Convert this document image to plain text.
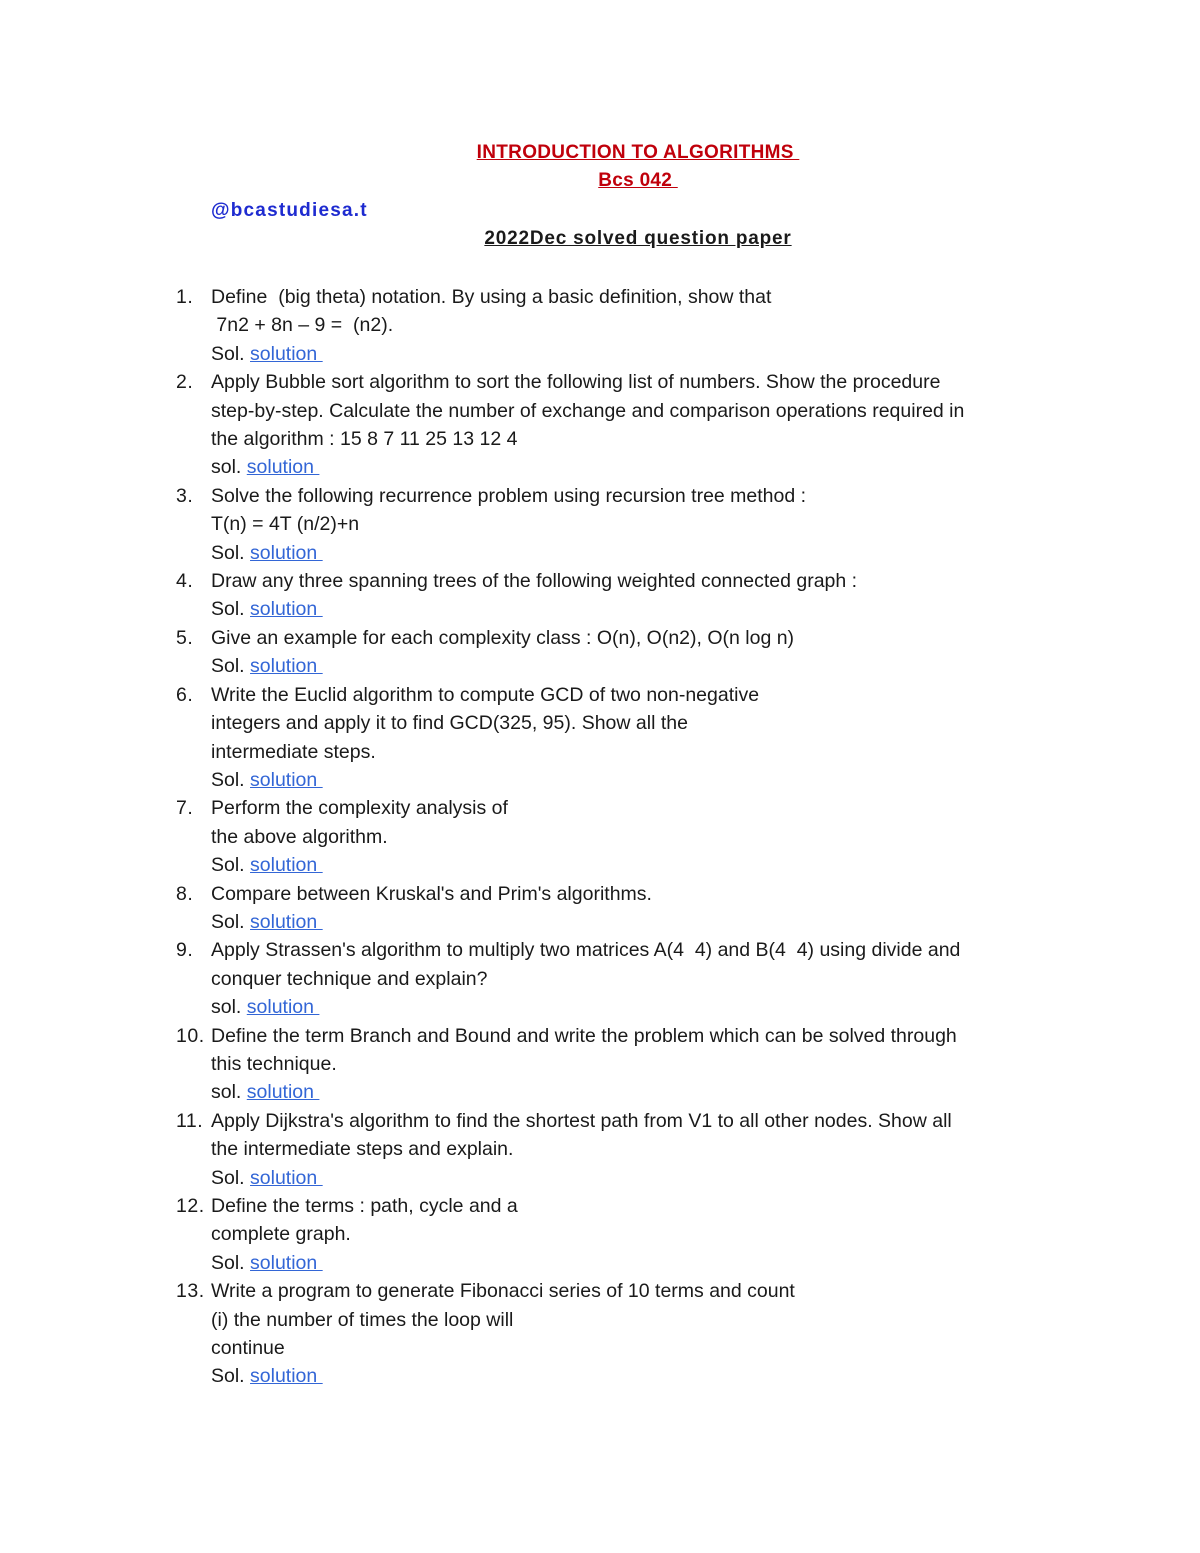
INTRODUCTION TO ALGORITHMS
Bcs 042
@bcastudiesa.t
2022Dec solved question paper
1. Define  (big theta) notation. By using a basic definition, show that
7n2 + 8n – 9 =  (n2).
Sol. solution
2. Apply Bubble sort algorithm to sort the following list of numbers. Show the procedure
step-by-step. Calculate the number of exchange and comparison operations required in
the algorithm : 15 8 7 11 25 13 12 4
sol. solution
3. Solve the following recurrence problem using recursion tree method :
T(n) = 4T (n/2)+n
Sol. solution
4. Draw any three spanning trees of the following weighted connected graph :
Sol. solution
5. Give an example for each complexity class : O(n), O(n2), O(n log n)
Sol. solution
6. Write the Euclid algorithm to compute GCD of two non-negative
integers and apply it to find GCD(325, 95). Show all the
intermediate steps.
Sol. solution
7. Perform the complexity analysis of
the above algorithm.
Sol. solution
8. Compare between Kruskal's and Prim's algorithms.
Sol. solution
9. Apply Strassen's algorithm to multiply two matrices A(4  4) and B(4  4) using divide and
conquer technique and explain?
sol. solution
10. Define the term Branch and Bound and write the problem which can be solved through
this technique.
sol. solution
11. Apply Dijkstra's algorithm to find the shortest path from V1 to all other nodes. Show all
the intermediate steps and explain.
Sol. solution
12. Define the terms : path, cycle and a
complete graph.
Sol. solution
13. Write a program to generate Fibonacci series of 10 terms and count
(i) the number of times the loop will
continue
Sol. solution
